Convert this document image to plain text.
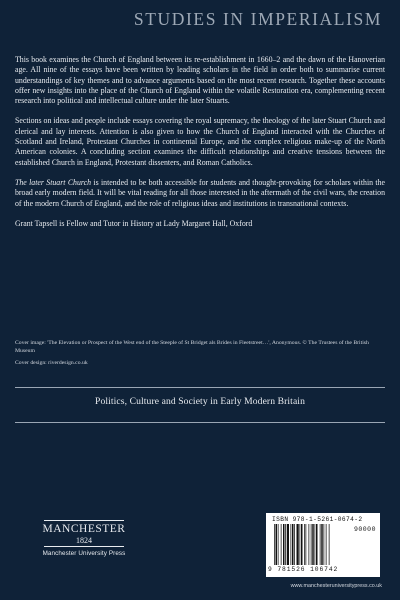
STUDIES IN IMPERIALISM

This book examines the Church of England between its re-establishment in 1660–2 and the dawn of the Hanoverian age. All nine of the essays have been written by leading scholars in the field in order both to summarise current understandings of key themes and to advance arguments based on the most recent research. Together these accounts offer new insights into the place of the Church of England within the volatile Restoration era, complementing recent research into political and intellectual culture under the later Stuarts.

Sections on ideas and people include essays covering the royal supremacy, the theology of the later Stuart Church and clerical and lay interests. Attention is also given to how the Church of England interacted with the Churches of Scotland and Ireland, Protestant Churches in continental Europe, and the complex religious make-up of the North American colonies. A concluding section examines the difficult relationships and creative tensions between the established Church in England, Protestant dissenters, and Roman Catholics.

The later Stuart Church is intended to be both accessible for students and thought-provoking for scholars within the broad early modern field. It will be vital reading for all those interested in the aftermath of the civil wars, the creation of the modern Church of England, and the role of religious ideas and institutions in transnational contexts.

Grant Tapsell is Fellow and Tutor in History at Lady Margaret Hall, Oxford

Cover image: 'The Elevation or Prospect of the West end of the Steeple of St Bridget als Brides in Fleetstreet…', Anonymous. © The Trustees of the British Museum
Cover design: riverdesign.co.uk
Politics, Culture and Society in Early Modern Britain
MANCHESTER
1824
Manchester University Press
ISBN 978-1-5261-0674-2
90000
9 781526 106742
www.manchesteruniversitypress.co.uk
